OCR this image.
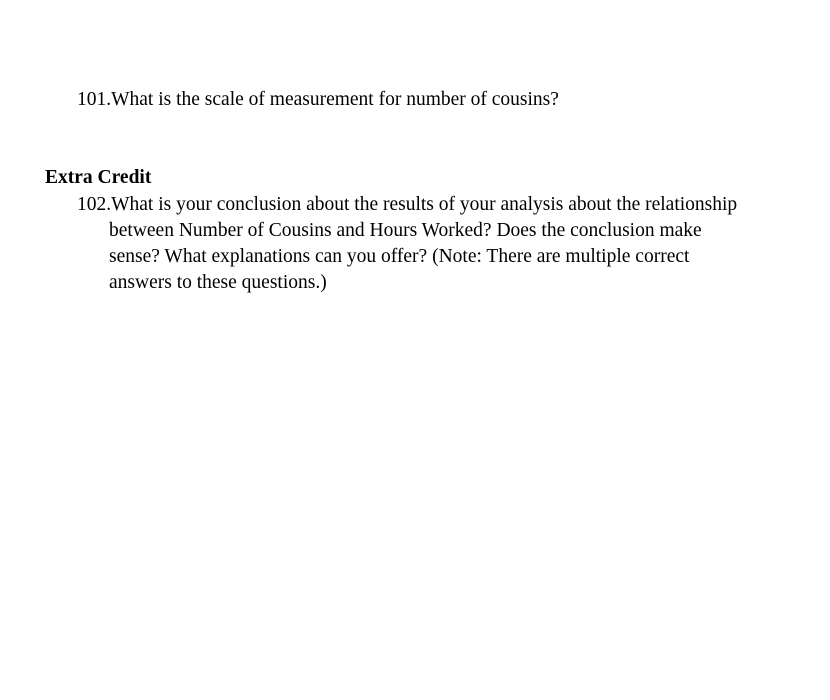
101.What is the scale of measurement for number of cousins?
Extra Credit
102.What is your conclusion about the results of your analysis about the relationship
between Number of Cousins and Hours Worked? Does the conclusion make
sense? What explanations can you offer? (Note: There are multiple correct
answers to these questions.)
